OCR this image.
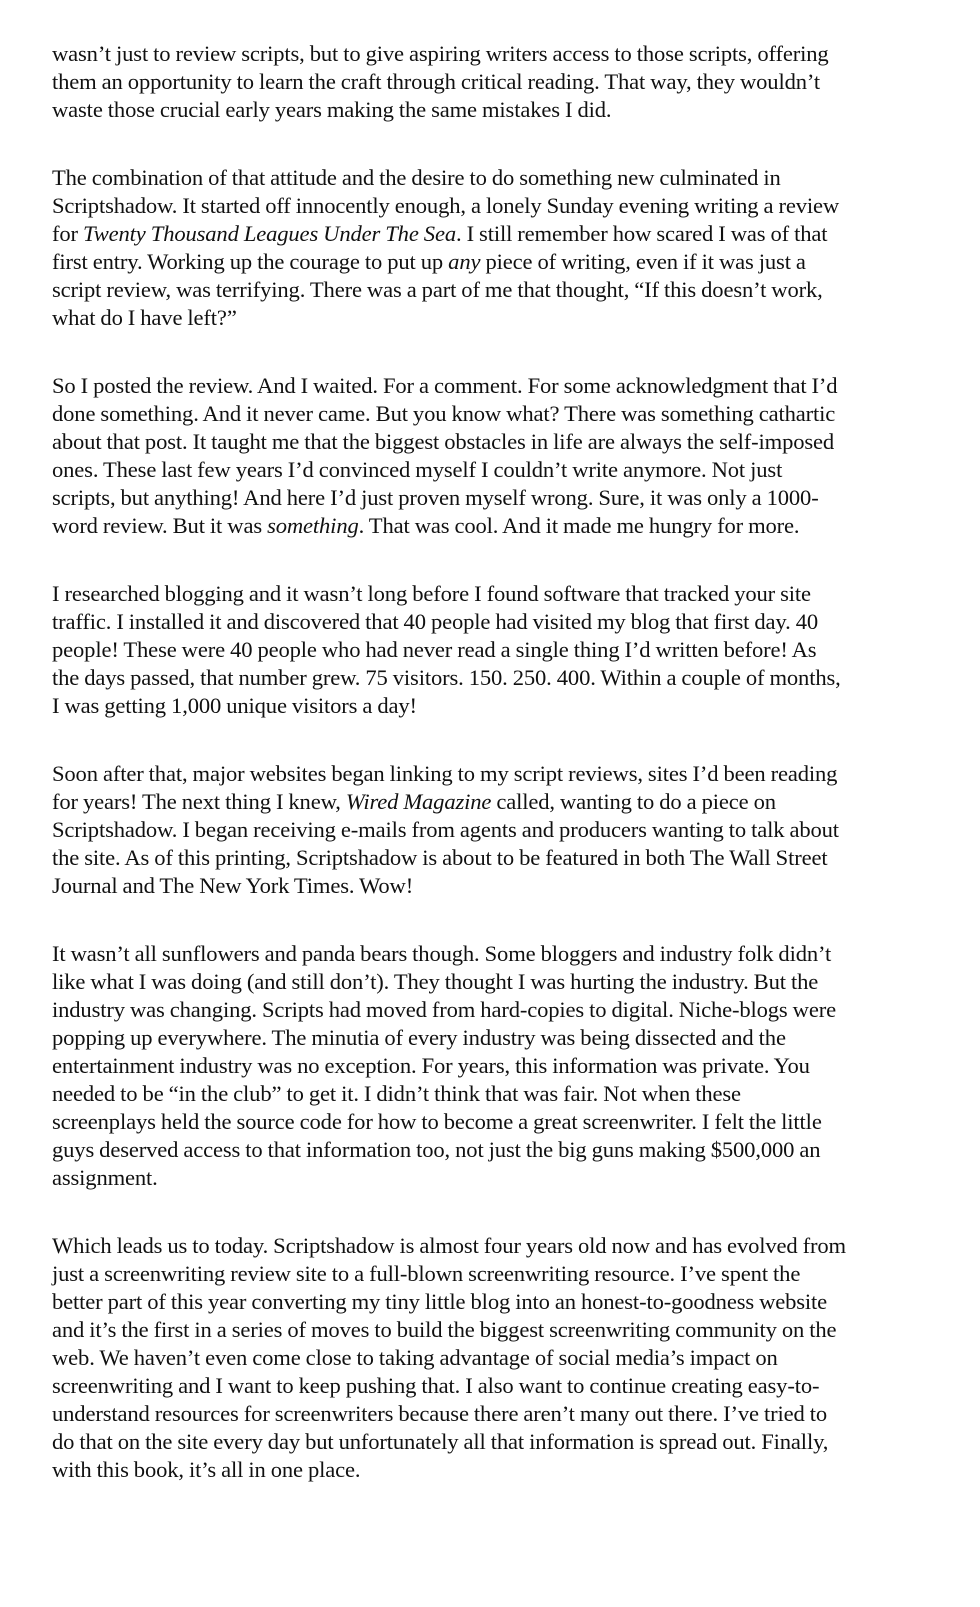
wasn’t just to review scripts, but to give aspiring writers access to those scripts, offering
them an opportunity to learn the craft through critical reading. That way, they wouldn’t
waste those crucial early years making the same mistakes I did.

The combination of that attitude and the desire to do something new culminated in
Scriptshadow. It started off innocently enough, a lonely Sunday evening writing a review
for Twenty Thousand Leagues Under The Sea. I still remember how scared I was of that
first entry. Working up the courage to put up any piece of writing, even if it was just a
script review, was terrifying. There was a part of me that thought, “If this doesn’t work,
what do I have left?”

So I posted the review. And I waited. For a comment. For some acknowledgment that I’d
done something. And it never came. But you know what? There was something cathartic
about that post. It taught me that the biggest obstacles in life are always the self-imposed
ones. These last few years I’d convinced myself I couldn’t write anymore. Not just
scripts, but anything! And here I’d just proven myself wrong. Sure, it was only a 1000-
word review. But it was something. That was cool. And it made me hungry for more.

I researched blogging and it wasn’t long before I found software that tracked your site
traffic. I installed it and discovered that 40 people had visited my blog that first day. 40
people! These were 40 people who had never read a single thing I’d written before! As
the days passed, that number grew. 75 visitors. 150. 250. 400. Within a couple of months,
I was getting 1,000 unique visitors a day!

Soon after that, major websites began linking to my script reviews, sites I’d been reading
for years! The next thing I knew, Wired Magazine called, wanting to do a piece on
Scriptshadow. I began receiving e-mails from agents and producers wanting to talk about
the site. As of this printing, Scriptshadow is about to be featured in both The Wall Street
Journal and The New York Times. Wow!

It wasn’t all sunflowers and panda bears though. Some bloggers and industry folk didn’t
like what I was doing (and still don’t). They thought I was hurting the industry. But the
industry was changing. Scripts had moved from hard-copies to digital. Niche-blogs were
popping up everywhere. The minutia of every industry was being dissected and the
entertainment industry was no exception. For years, this information was private. You
needed to be “in the club” to get it. I didn’t think that was fair. Not when these
screenplays held the source code for how to become a great screenwriter. I felt the little
guys deserved access to that information too, not just the big guns making $500,000 an
assignment.

Which leads us to today. Scriptshadow is almost four years old now and has evolved from
just a screenwriting review site to a full-blown screenwriting resource. I’ve spent the
better part of this year converting my tiny little blog into an honest-to-goodness website
and it’s the first in a series of moves to build the biggest screenwriting community on the
web. We haven’t even come close to taking advantage of social media’s impact on
screenwriting and I want to keep pushing that. I also want to continue creating easy-to-
understand resources for screenwriters because there aren’t many out there. I’ve tried to
do that on the site every day but unfortunately all that information is spread out. Finally,
with this book, it’s all in one place.
